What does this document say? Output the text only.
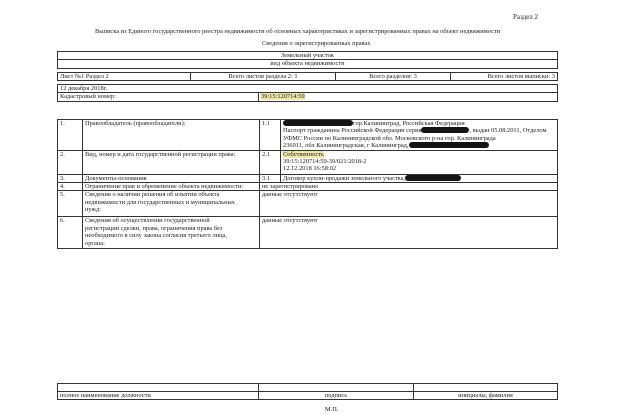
Раздел 2
Выписка из Единого государственного реестра недвижимости об основных характеристиках и зарегистрированных правах на объект недвижимости
Сведения о зарегистрированных правах
Земельный участок
вид объекта недвижимости
Лист №1 Раздел 2	Всего листов раздела 2: 1	Всего разделов: 3	Всего листов выписки: 3
12 декабря 2018г.
Кадастровый номер:	39:15:120714:59
1.	Правообладатель (правообладатели):	1.1	гор.Калининград, Российская Федерация
Паспорт гражданина Российской Федерации серия , выдан 05.08.2011, Отделом
УФМС России по Калининградской обл. Московского р-на гор. Калининграда
236011, обл Калининградская, г Калининград,

2.	Вид, номер и дата государственной регистрации права:	2.1	Собственность
39:15:120714:59-39/021/2018-2
12.12.2018 16:58:02

3.	Документы-основания	3.1	Договор купли-продажи земельного участка,
4.	Ограничение прав и обременение объекта недвижимости:	не зарегистрировано	
5.	Сведения о наличии решения об изъятии объекта
недвижимости для государственных и муниципальных
нужд:	данные отсутствуют	
6.	Сведения об осуществлении государственной
регистрации сделки, права, ограничения права без
необходимого в силу закона согласия третьего лица,
органа:	данные отсутствуют	

полное наименование должности	подпись	инициалы, фамилия
М.П.
